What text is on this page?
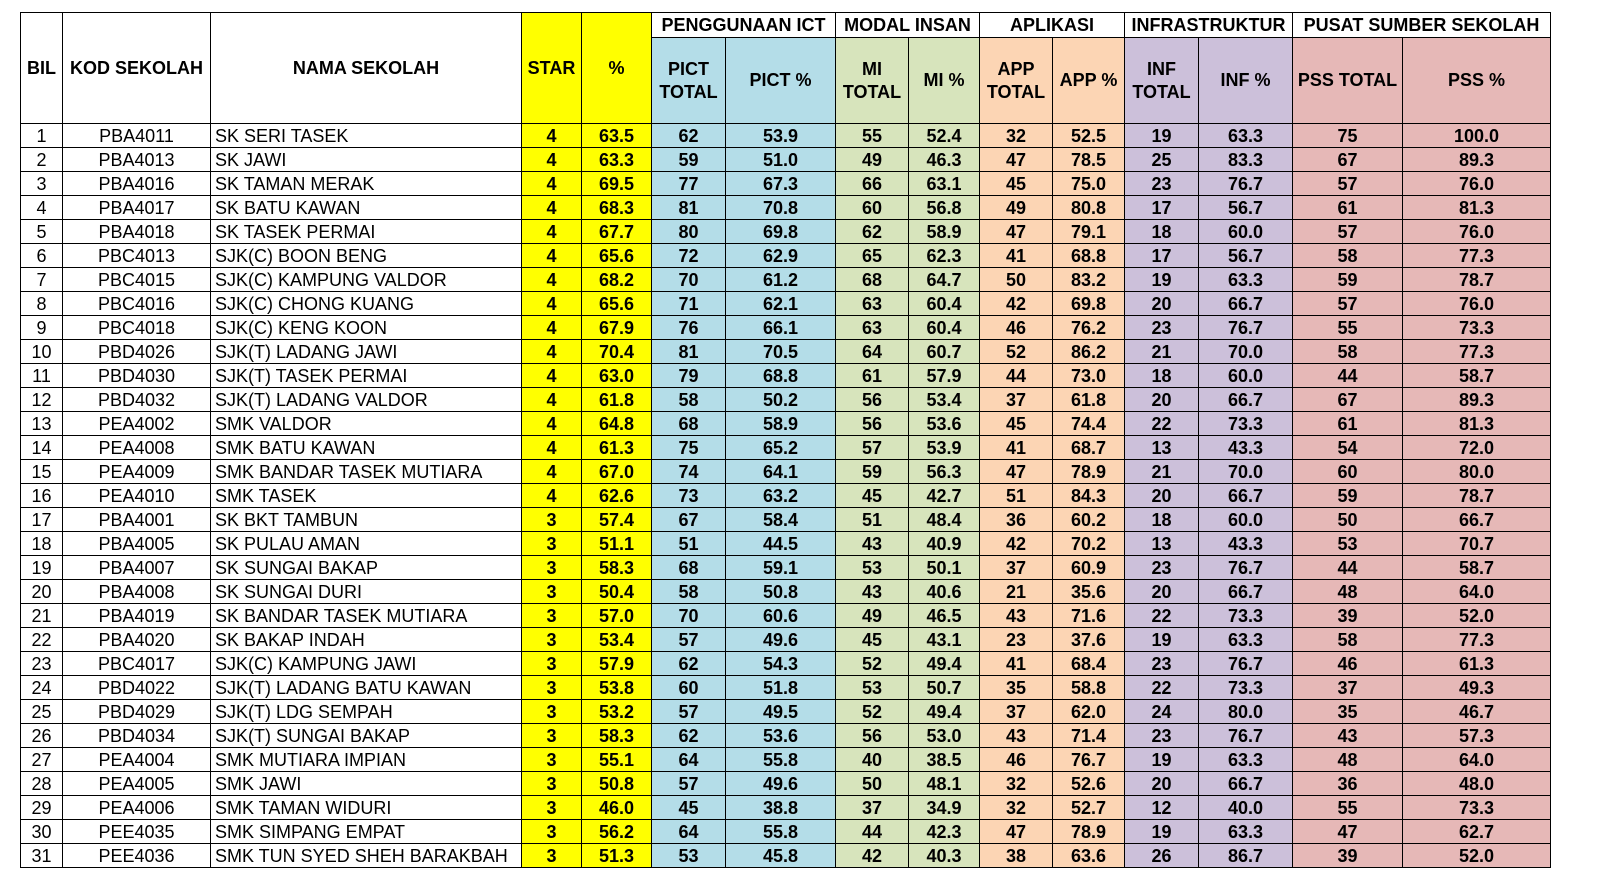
BIL	KOD SEKOLAH	NAMA SEKOLAH	STAR	%	PENGGUNAAN ICT		MODAL INSAN		APLIKASI		INFRASTRUKTUR		PUSAT SUMBER SEKOLAH	
					PICT TOTAL	PICT %	MI TOTAL	MI %	APP TOTAL	APP %	INF TOTAL	INF %	PSS TOTAL	PSS %
1	PBA4011	SK SERI TASEK	4	63.5	62	53.9	55	52.4	32	52.5	19	63.3	75	100.0
2	PBA4013	SK JAWI	4	63.3	59	51.0	49	46.3	47	78.5	25	83.3	67	89.3
3	PBA4016	SK TAMAN MERAK	4	69.5	77	67.3	66	63.1	45	75.0	23	76.7	57	76.0
4	PBA4017	SK BATU KAWAN	4	68.3	81	70.8	60	56.8	49	80.8	17	56.7	61	81.3
5	PBA4018	SK TASEK PERMAI	4	67.7	80	69.8	62	58.9	47	79.1	18	60.0	57	76.0
6	PBC4013	SJK(C) BOON BENG	4	65.6	72	62.9	65	62.3	41	68.8	17	56.7	58	77.3
7	PBC4015	SJK(C) KAMPUNG VALDOR	4	68.2	70	61.2	68	64.7	50	83.2	19	63.3	59	78.7
8	PBC4016	SJK(C) CHONG KUANG	4	65.6	71	62.1	63	60.4	42	69.8	20	66.7	57	76.0
9	PBC4018	SJK(C) KENG KOON	4	67.9	76	66.1	63	60.4	46	76.2	23	76.7	55	73.3
10	PBD4026	SJK(T) LADANG JAWI	4	70.4	81	70.5	64	60.7	52	86.2	21	70.0	58	77.3
11	PBD4030	SJK(T) TASEK PERMAI	4	63.0	79	68.8	61	57.9	44	73.0	18	60.0	44	58.7
12	PBD4032	SJK(T) LADANG VALDOR	4	61.8	58	50.2	56	53.4	37	61.8	20	66.7	67	89.3
13	PEA4002	SMK VALDOR	4	64.8	68	58.9	56	53.6	45	74.4	22	73.3	61	81.3
14	PEA4008	SMK BATU KAWAN	4	61.3	75	65.2	57	53.9	41	68.7	13	43.3	54	72.0
15	PEA4009	SMK BANDAR TASEK MUTIARA	4	67.0	74	64.1	59	56.3	47	78.9	21	70.0	60	80.0
16	PEA4010	SMK TASEK	4	62.6	73	63.2	45	42.7	51	84.3	20	66.7	59	78.7
17	PBA4001	SK BKT TAMBUN	3	57.4	67	58.4	51	48.4	36	60.2	18	60.0	50	66.7
18	PBA4005	SK PULAU AMAN	3	51.1	51	44.5	43	40.9	42	70.2	13	43.3	53	70.7
19	PBA4007	SK SUNGAI BAKAP	3	58.3	68	59.1	53	50.1	37	60.9	23	76.7	44	58.7
20	PBA4008	SK SUNGAI DURI	3	50.4	58	50.8	43	40.6	21	35.6	20	66.7	48	64.0
21	PBA4019	SK BANDAR TASEK MUTIARA	3	57.0	70	60.6	49	46.5	43	71.6	22	73.3	39	52.0
22	PBA4020	SK BAKAP INDAH	3	53.4	57	49.6	45	43.1	23	37.6	19	63.3	58	77.3
23	PBC4017	SJK(C) KAMPUNG JAWI	3	57.9	62	54.3	52	49.4	41	68.4	23	76.7	46	61.3
24	PBD4022	SJK(T) LADANG BATU KAWAN	3	53.8	60	51.8	53	50.7	35	58.8	22	73.3	37	49.3
25	PBD4029	SJK(T) LDG SEMPAH	3	53.2	57	49.5	52	49.4	37	62.0	24	80.0	35	46.7
26	PBD4034	SJK(T) SUNGAI BAKAP	3	58.3	62	53.6	56	53.0	43	71.4	23	76.7	43	57.3
27	PEA4004	SMK MUTIARA IMPIAN	3	55.1	64	55.8	40	38.5	46	76.7	19	63.3	48	64.0
28	PEA4005	SMK JAWI	3	50.8	57	49.6	50	48.1	32	52.6	20	66.7	36	48.0
29	PEA4006	SMK TAMAN WIDURI	3	46.0	45	38.8	37	34.9	32	52.7	12	40.0	55	73.3
30	PEE4035	SMK SIMPANG EMPAT	3	56.2	64	55.8	44	42.3	47	78.9	19	63.3	47	62.7
31	PEE4036	SMK TUN SYED SHEH BARAKBAH	3	51.3	53	45.8	42	40.3	38	63.6	26	86.7	39	52.0
